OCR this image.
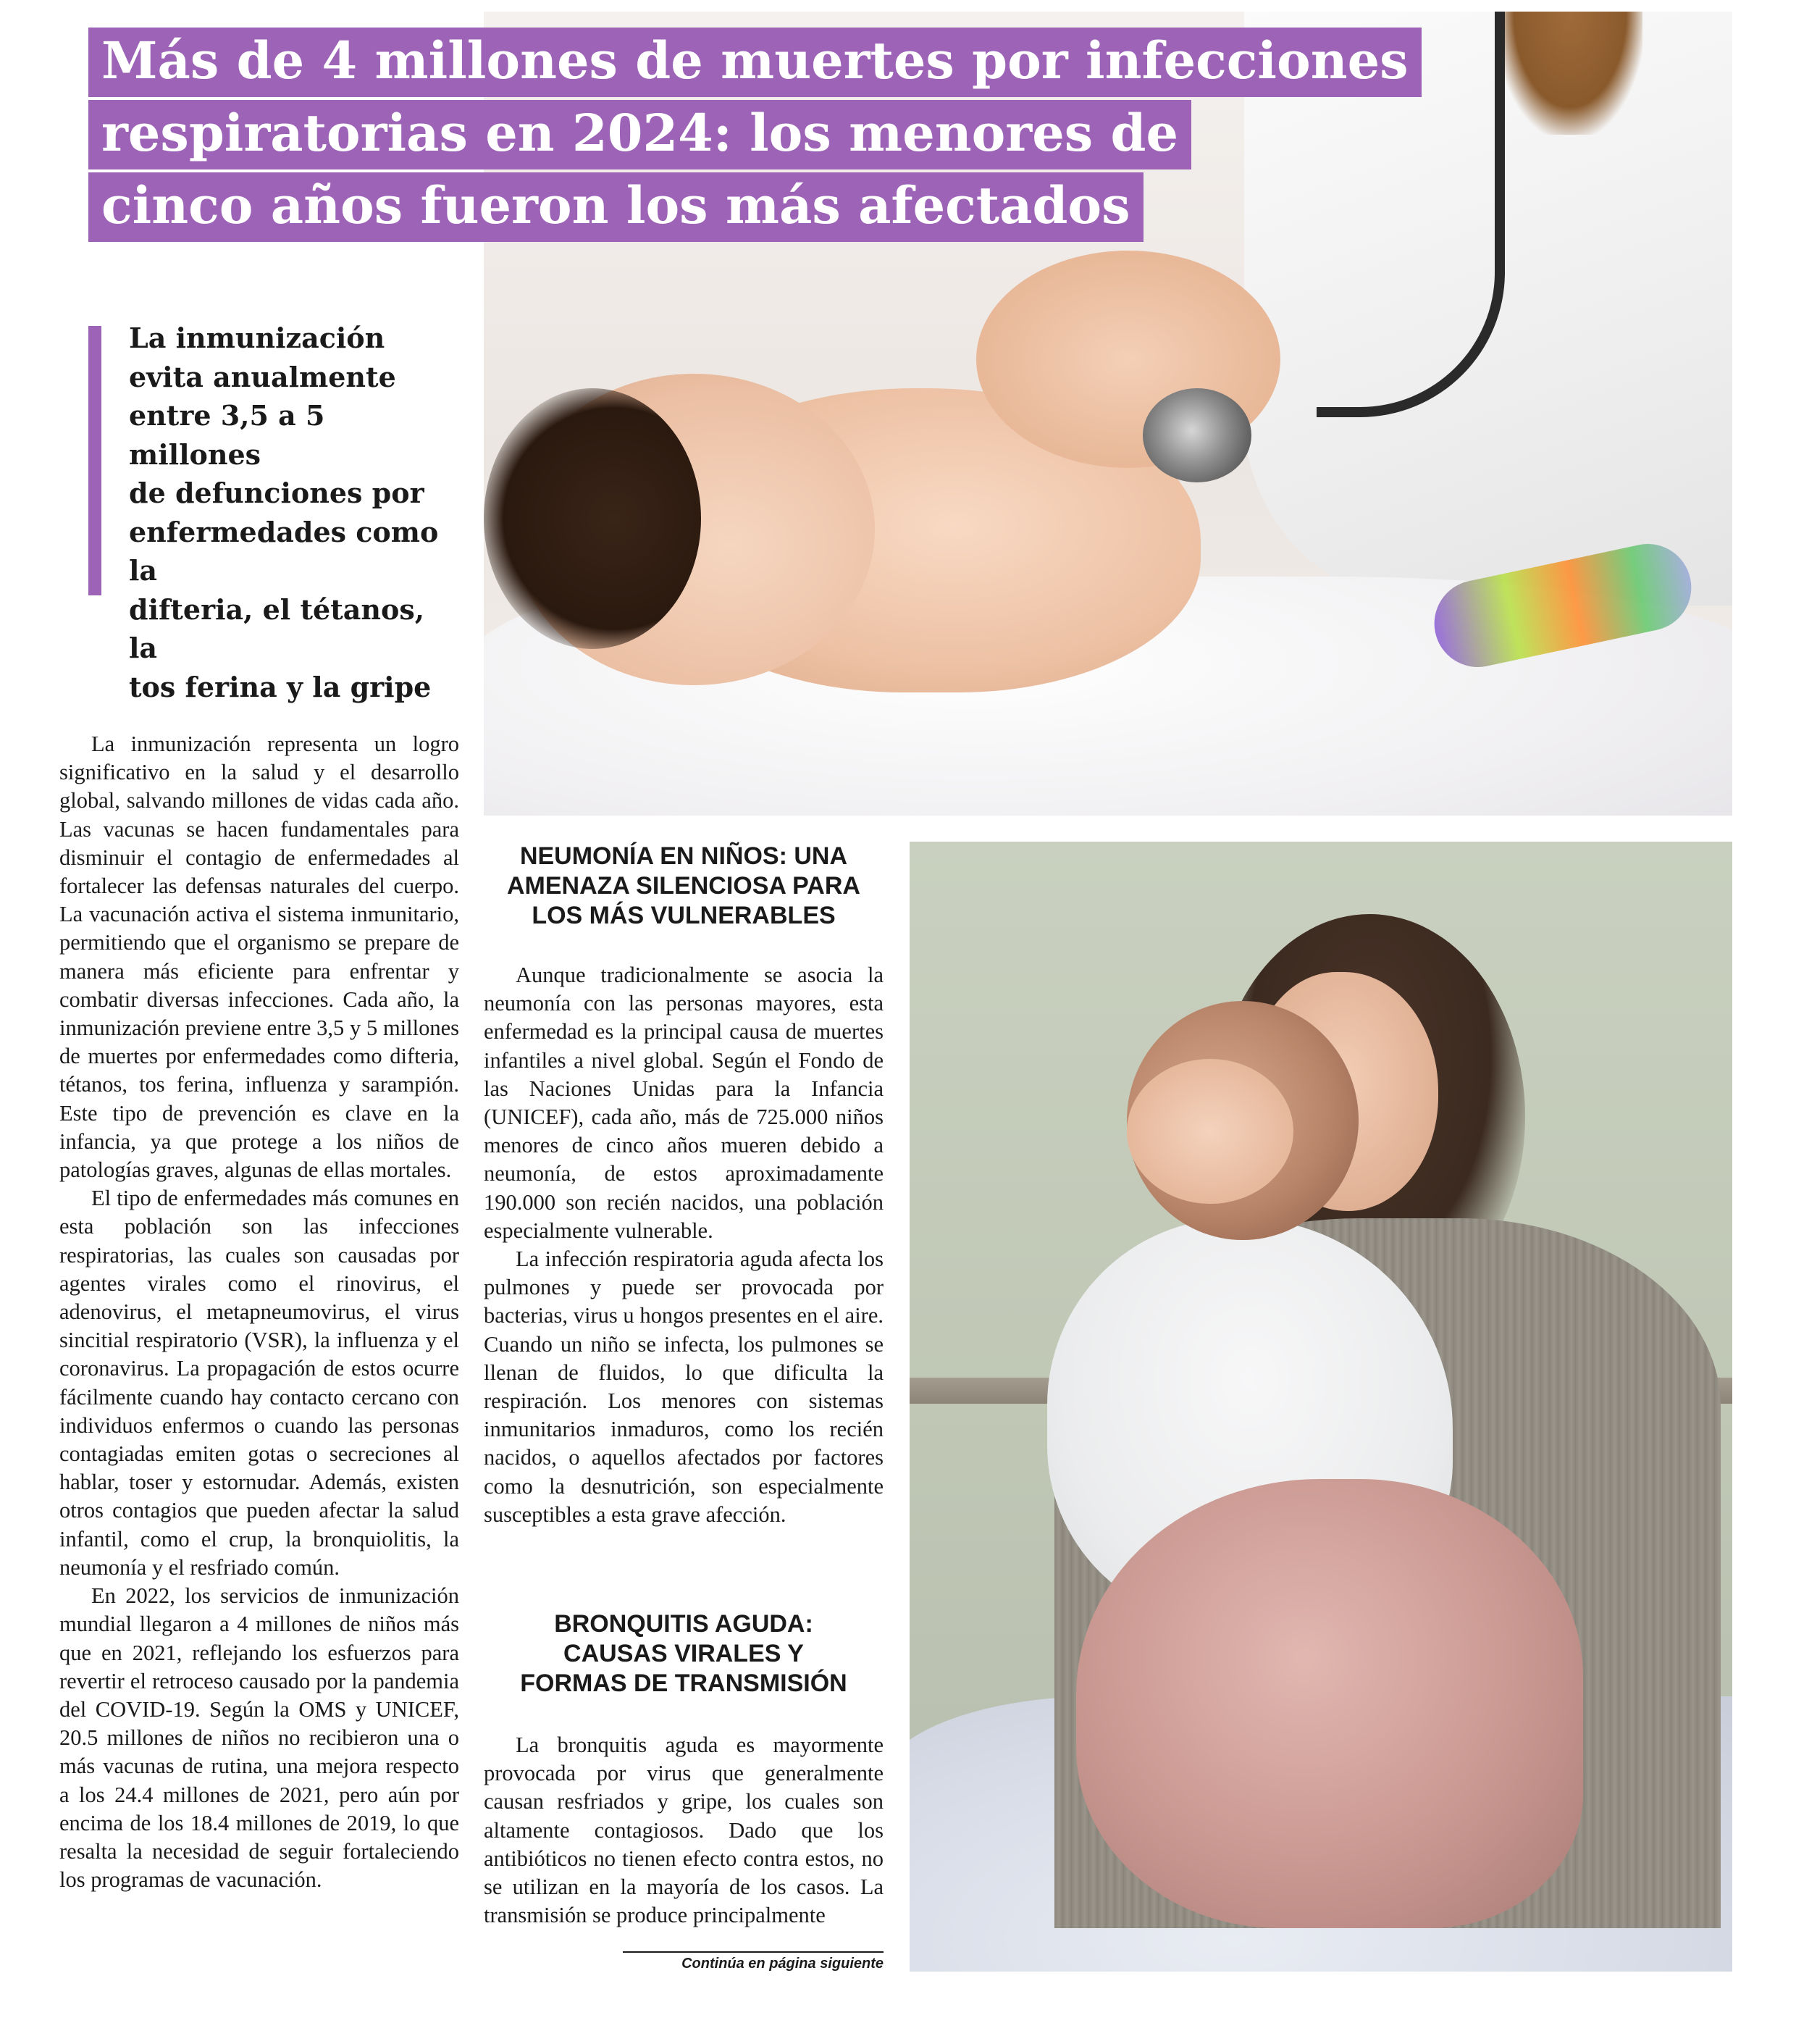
Más de 4 millones de muertes por infecciones
respiratorias en 2024: los menores de
cinco años fueron los más afectados
La inmunización
evita anualmente
entre 3,5 a 5 millones
de defunciones por
enfermedades como la
difteria, el tétanos, la
tos ferina y la gripe

La inmunización representa un logro significativo en la salud y el desarrollo global, salvando millones de vidas cada año. Las vacunas se hacen fundamentales para disminuir el contagio de enfermedades al fortalecer las defensas naturales del cuerpo. La vacunación activa el sistema inmunitario, permitiendo que el organismo se prepare de manera más eficiente para enfrentar y combatir diversas infecciones. Cada año, la inmunización previene entre 3,5 y 5 millones de muertes por enfermedades como difteria, tétanos, tos ferina, influenza y sarampión. Este tipo de prevención es clave en la infancia, ya que protege a los niños de patologías graves, algunas de ellas mortales.

El tipo de enfermedades más comunes en esta población son las infecciones respiratorias, las cuales son causadas por agentes virales como el rinovirus, el adenovirus, el metapneumovirus, el virus sincitial respiratorio (VSR), la influenza y el coronavirus. La propagación de estos ocurre fácilmente cuando hay contacto cercano con individuos enfermos o cuando las personas contagiadas emiten gotas o secreciones al hablar, toser y estornudar. Además, existen otros contagios que pueden afectar la salud infantil, como el crup, la bronquiolitis, la neumonía y el resfriado común.

En 2022, los servicios de inmunización mundial llegaron a 4 millones de niños más que en 2021, reflejando los esfuerzos para revertir el retroceso causado por la pandemia del COVID-19. Según la OMS y UNICEF, 20.5 millones de niños no recibieron una o más vacunas de rutina, una mejora respecto a los 24.4 millones de 2021, pero aún por encima de los 18.4 millones de 2019, lo que resalta la necesidad de seguir fortaleciendo los programas de vacunación.

NEUMONÍA EN NIÑOS: UNA
AMENAZA SILENCIOSA PARA
LOS MÁS VULNERABLES

Aunque tradicionalmente se asocia la neumonía con las personas mayores, esta enfermedad es la principal causa de muertes infantiles a nivel global. Según el Fondo de las Naciones Unidas para la Infancia (UNICEF), cada año, más de 725.000 niños menores de cinco años mueren debido a neumonía, de estos aproximadamente 190.000 son recién nacidos, una población especialmente vulnerable.

La infección respiratoria aguda afecta los pulmones y puede ser provocada por bacterias, virus u hongos presentes en el aire. Cuando un niño se infecta, los pulmones se llenan de fluidos, lo que dificulta la respiración. Los menores con sistemas inmunitarios inmaduros, como los recién nacidos, o aquellos afectados por factores como la desnutrición, son especialmente susceptibles a esta grave afección.

BRONQUITIS AGUDA:
CAUSAS VIRALES Y
FORMAS DE TRANSMISIÓN

La bronquitis aguda es mayormente provocada por virus que generalmente causan resfriados y gripe, los cuales son altamente contagiosos. Dado que los antibióticos no tienen efecto contra estos, no se utilizan en la mayoría de los casos. La transmisión se produce principalmente

Continúa en página siguiente
